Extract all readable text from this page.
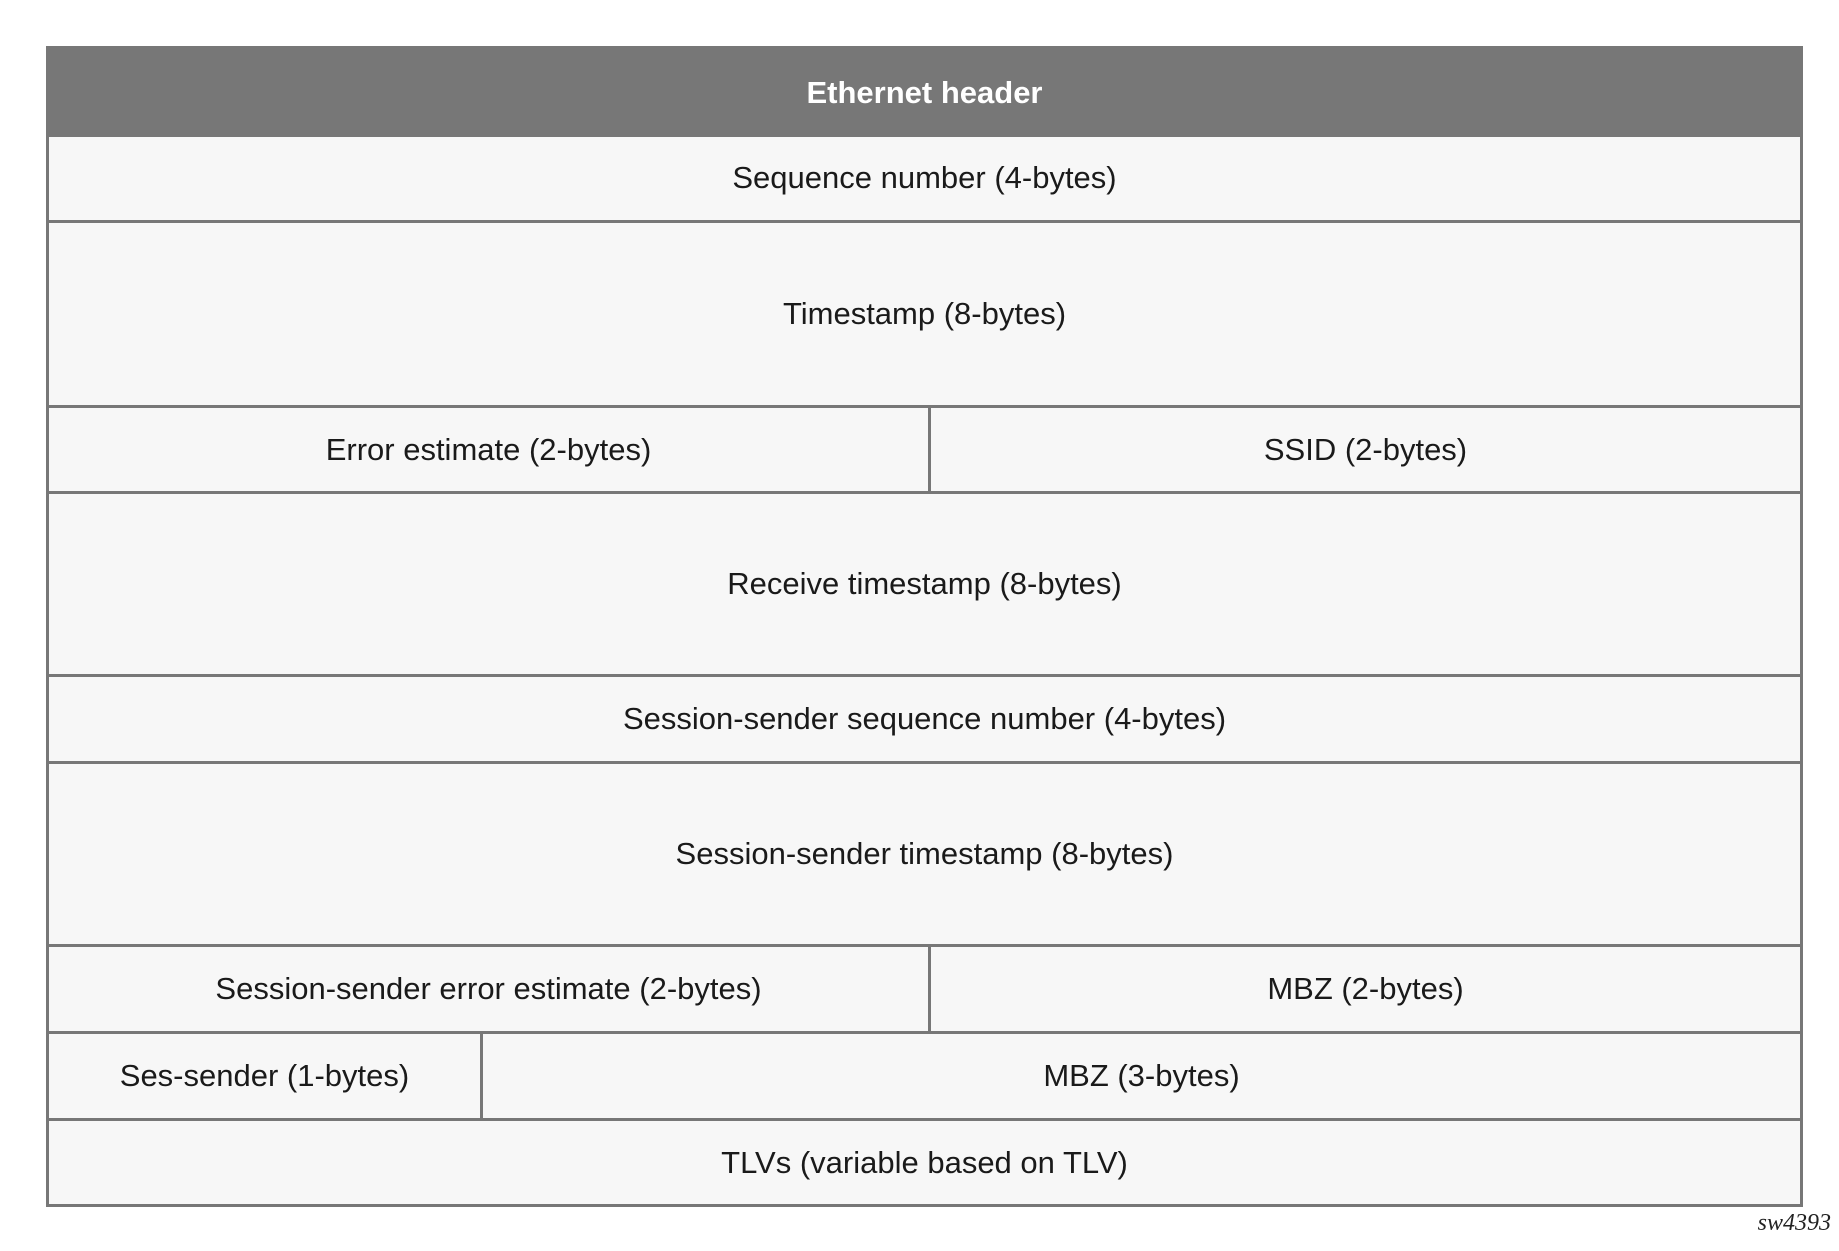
Ethernet header
Sequence number (4-bytes)
Timestamp (8-bytes)
Error estimate (2-bytes)	SSID (2-bytes)
Receive timestamp (8-bytes)
Session-sender sequence number (4-bytes)
Session-sender timestamp (8-bytes)
Session-sender error estimate (2-bytes)	MBZ (2-bytes)
Ses-sender (1-bytes)	MBZ (3-bytes)
TLVs (variable based on TLV)
sw4393
